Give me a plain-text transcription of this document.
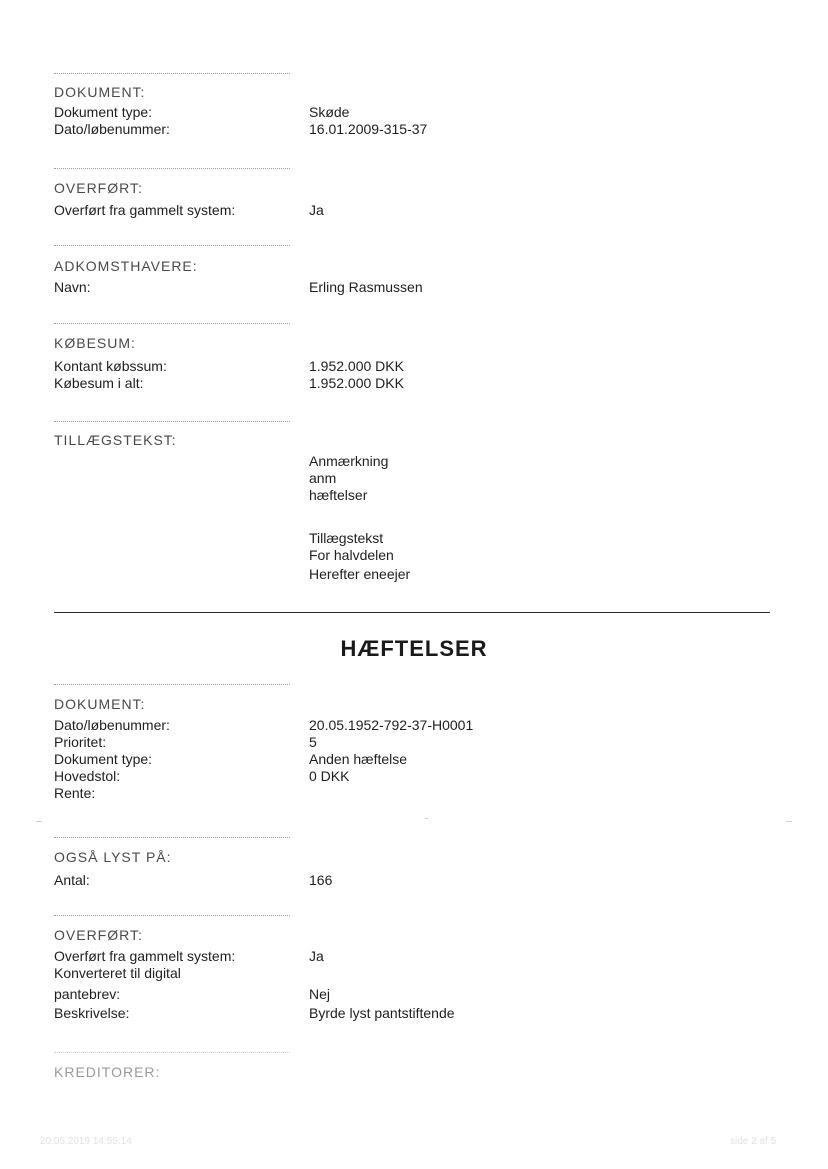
DOKUMENT:
Dokument type:	Skøde
Dato/løbenummer:	16.01.2009-315-37
OVERFØRT:
Overført fra gammelt system:	Ja
ADKOMSTHAVERE:
Navn:	Erling Rasmussen
KØBESUM:
Kontant købssum:	1.952.000 DKK
Købesum i alt:	1.952.000 DKK
TILLÆGSTEKST:
Anmærkning
anm
hæftelser
Tillægstekst
For halvdelen
Herefter eneejer
HÆFTELSER
DOKUMENT:
Dato/løbenummer:	20.05.1952-792-37-H0001
Prioritet:	5
Dokument type:	Anden hæftelse
Hovedstol:	0 DKK
Rente:
OGSÅ LYST PÅ:
Antal:	166
OVERFØRT:
Overført fra gammelt system:	Ja
Konverteret til digital
pantebrev:	Nej
Beskrivelse:	Byrde lyst pantstiftende
KREDITORER:
20.05.2019 14:55:14	side 2 af 5
